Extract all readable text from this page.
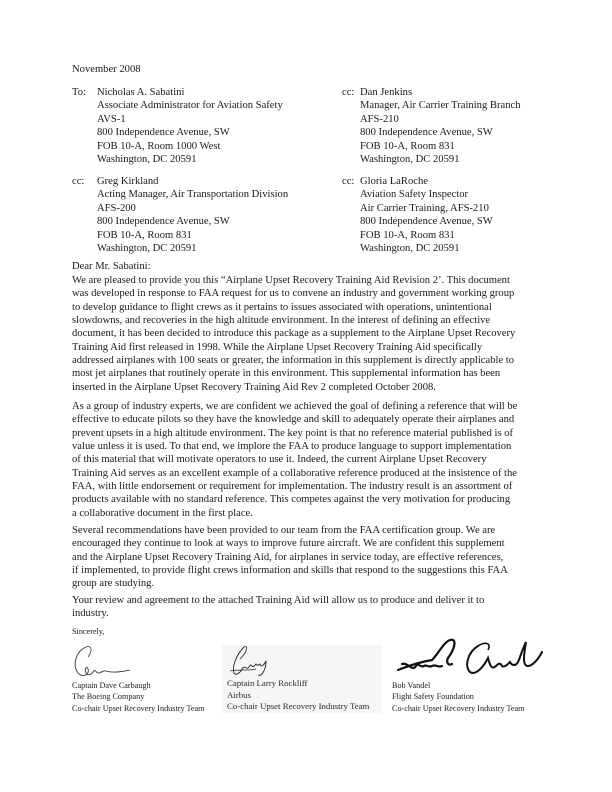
November 2008
To: Nicholas A. Sabatini
Associate Administrator for Aviation Safety
AVS-1
800 Independence Avenue, SW
FOB 10-A, Room 1000 West
Washington, DC 20591
cc: Dan Jenkins
Manager, Air Carrier Training Branch
AFS-210
800 Independence Avenue, SW
FOB 10-A, Room 831
Washington, DC 20591
cc: Greg Kirkland
Acting Manager, Air Transportation Division
AFS-200
800 Independence Avenue, SW
FOB 10-A, Room 831
Washington, DC 20591
cc: Gloria LaRoche
Aviation Safety Inspector
Air Carrier Training, AFS-210
800 Independence Avenue, SW
FOB 10-A, Room 831
Washington, DC 20591
Dear Mr. Sabatini:
We are pleased to provide you this “Airplane Upset Recovery Training Aid Revision 2’. This document
was developed in response to FAA request for us to convene an industry and government working group
to develop guidance to flight crews as it pertains to issues associated with operations, unintentional
slowdowns, and recoveries in the high altitude environment. In the interest of defining an effective
document, it has been decided to introduce this package as a supplement to the Airplane Upset Recovery
Training Aid first released in 1998. While the Airplane Upset Recovery Training Aid specifically
addressed airplanes with 100 seats or greater, the information in this supplement is directly applicable to
most jet airplanes that routinely operate in this environment. This supplemental information has been
inserted in the Airplane Upset Recovery Training Aid Rev 2 completed October 2008.
As a group of industry experts, we are confident we achieved the goal of defining a reference that will be
effective to educate pilots so they have the knowledge and skill to adequately operate their airplanes and
prevent upsets in a high altitude environment. The key point is that no reference material published is of
value unless it is used. To that end, we implore the FAA to produce language to support implementation
of this material that will motivate operators to use it. Indeed, the current Airplane Upset Recovery
Training Aid serves as an excellent example of a collaborative reference produced at the insistence of the
FAA, with little endorsement or requirement for implementation. The industry result is an assortment of
products available with no standard reference. This competes against the very motivation for producing
a collaborative document in the first place.
Several recommendations have been provided to our team from the FAA certification group. We are
encouraged they continue to look at ways to improve future aircraft. We are confident this supplement
and the Airplane Upset Recovery Training Aid, for airplanes in service today, are effective references,
if implemented, to provide flight crews information and skills that respond to the suggestions this FAA
group are studying.
Your review and agreement to the attached Training Aid will allow us to produce and deliver it to
industry.
Sincerely,
Captain Dave Carbaugh
The Boeing Company
Co-chair Upset Recovery Industry Team
Captain Larry Rockliff
Airbus
Co-chair Upset Recovery Industry Team
Bob Vandel
Flight Safety Foundation
Co-chair Upset Recovery Industry Team
